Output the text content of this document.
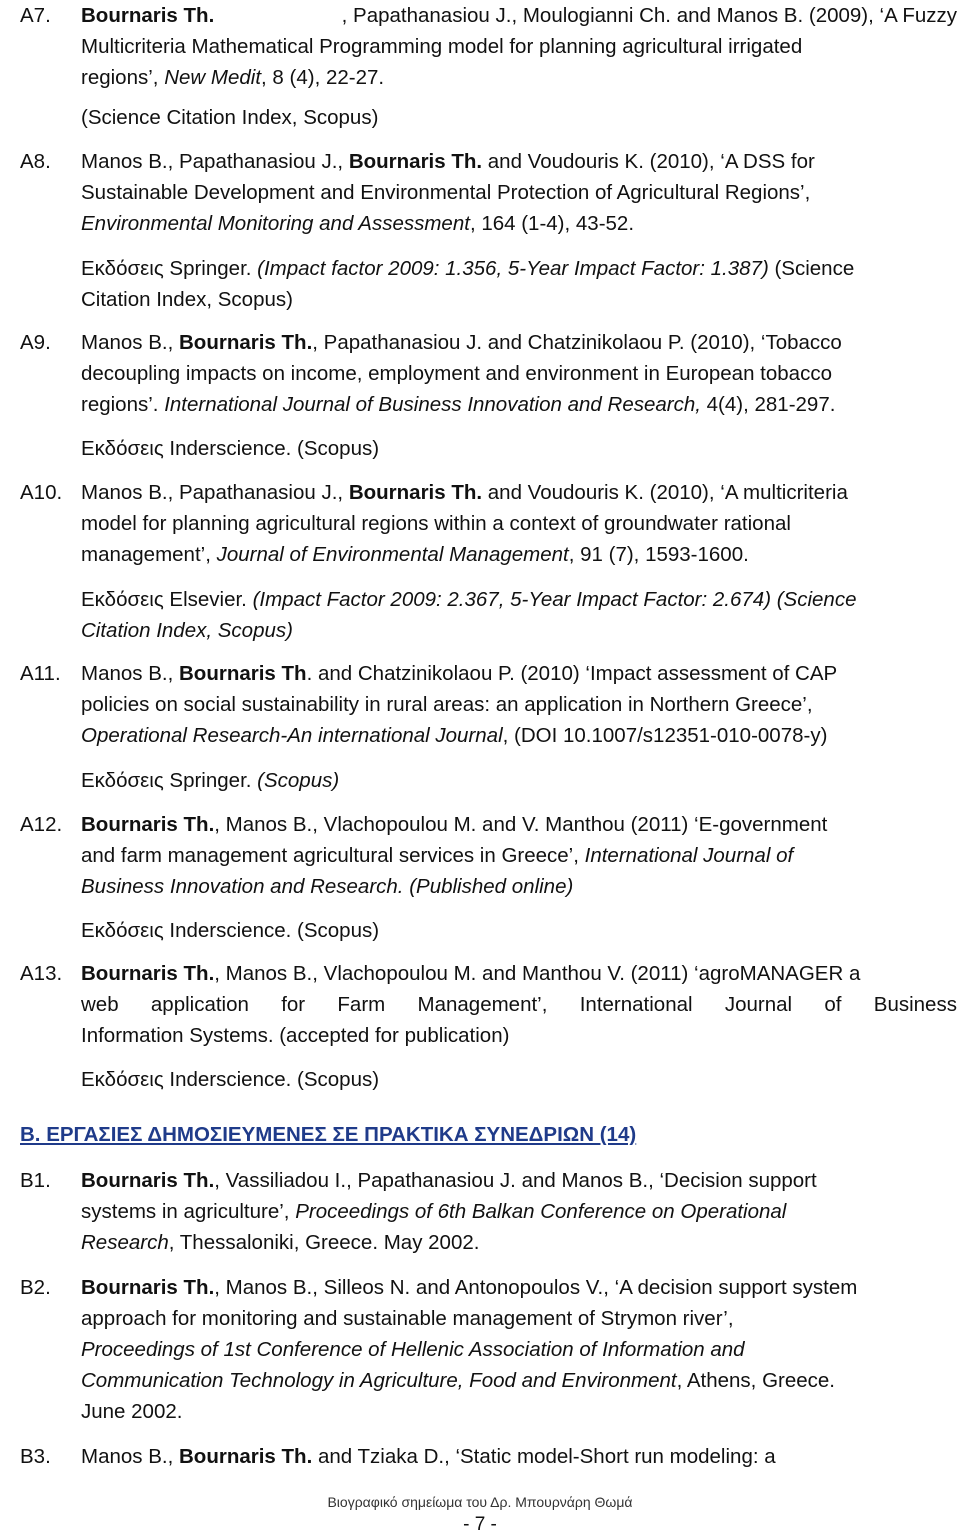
A7.	Bournaris Th.	, Papathanasiou J., Moulogianni Ch. and Manos B. (2009), ‘A Fuzzy
Multicriteria Mathematical Programming model for planning agricultural irrigated
regions’, New Medit, 8 (4), 22-27.
(Science Citation Index, Scopus)
A8.	Manos B., Papathanasiou J., Bournaris Th. and Voudouris K. (2010), ‘A DSS for
Sustainable Development and Environmental Protection of Agricultural Regions’,
Environmental Monitoring and Assessment, 164 (1-4), 43-52.
Εκδόσεις Springer. (Impact factor 2009: 1.356, 5-Year Impact Factor: 1.387) (Science
Citation Index, Scopus)
A9.	Manos B., Bournaris Th., Papathanasiou J. and Chatzinikolaou P. (2010), ‘Tobacco
decoupling impacts on income, employment and environment in European tobacco
regions’. International Journal of Business Innovation and Research, 4(4), 281-297.
Εκδόσεις Inderscience. (Scopus)
A10. Manos B., Papathanasiou J., Bournaris Th. and Voudouris K. (2010), ‘A multicriteria
model for planning agricultural regions within a context of groundwater rational
management’, Journal of Environmental Management, 91 (7), 1593-1600.
Εκδόσεις Elsevier. (Impact Factor 2009: 2.367, 5-Year Impact Factor: 2.674) (Science
Citation Index, Scopus)
A11. Manos B., Bournaris Th. and Chatzinikolaou P. (2010) ‘Impact assessment of CAP
policies on social sustainability in rural areas: an application in Northern Greece’,
Operational Research-An international Journal, (DOI 10.1007/s12351-010-0078-y)
Εκδόσεις Springer. (Scopus)
A12. Bournaris Th., Manos B., Vlachopoulou M. and V. Manthou (2011) ‘E-government
and farm management agricultural services in Greece’, International Journal of
Business Innovation and Research. (Published online)
Εκδόσεις Inderscience. (Scopus)
A13. Bournaris Th., Manos B., Vlachopoulou M. and Manthou V. (2011) ‘agroMANAGER a
web application for Farm Management’, International Journal of Business
Information Systems. (accepted for publication)
Εκδόσεις Inderscience. (Scopus)
Β. ΕΡΓΑΣΙΕΣ ΔΗΜΟΣΙΕΥΜΕΝΕΣ ΣΕ ΠΡΑΚΤΙΚΑ ΣΥΝΕΔΡΙΩΝ (14)
B1.	Bournaris Th., Vassiliadou I., Papathanasiou J. and Manos B., ‘Decision support
systems in agriculture’, Proceedings of 6th Balkan Conference on Operational
Research, Thessaloniki, Greece. May 2002.
B2.	Bournaris Th., Manos B., Silleos N. and Antonopoulos V., ‘A decision support system
approach for monitoring and sustainable management of Strymon river’,
Proceedings of 1st Conference of Hellenic Association of Information and
Communication Technology in Agriculture, Food and Environment, Athens, Greece.
June 2002.
B3.	Manos B., Bournaris Th. and Tziaka D., ‘Static model-Short run modeling: a
Βιογραφικό σημείωμα του Δρ. Μπουρνάρη Θωμά
- 7 -
